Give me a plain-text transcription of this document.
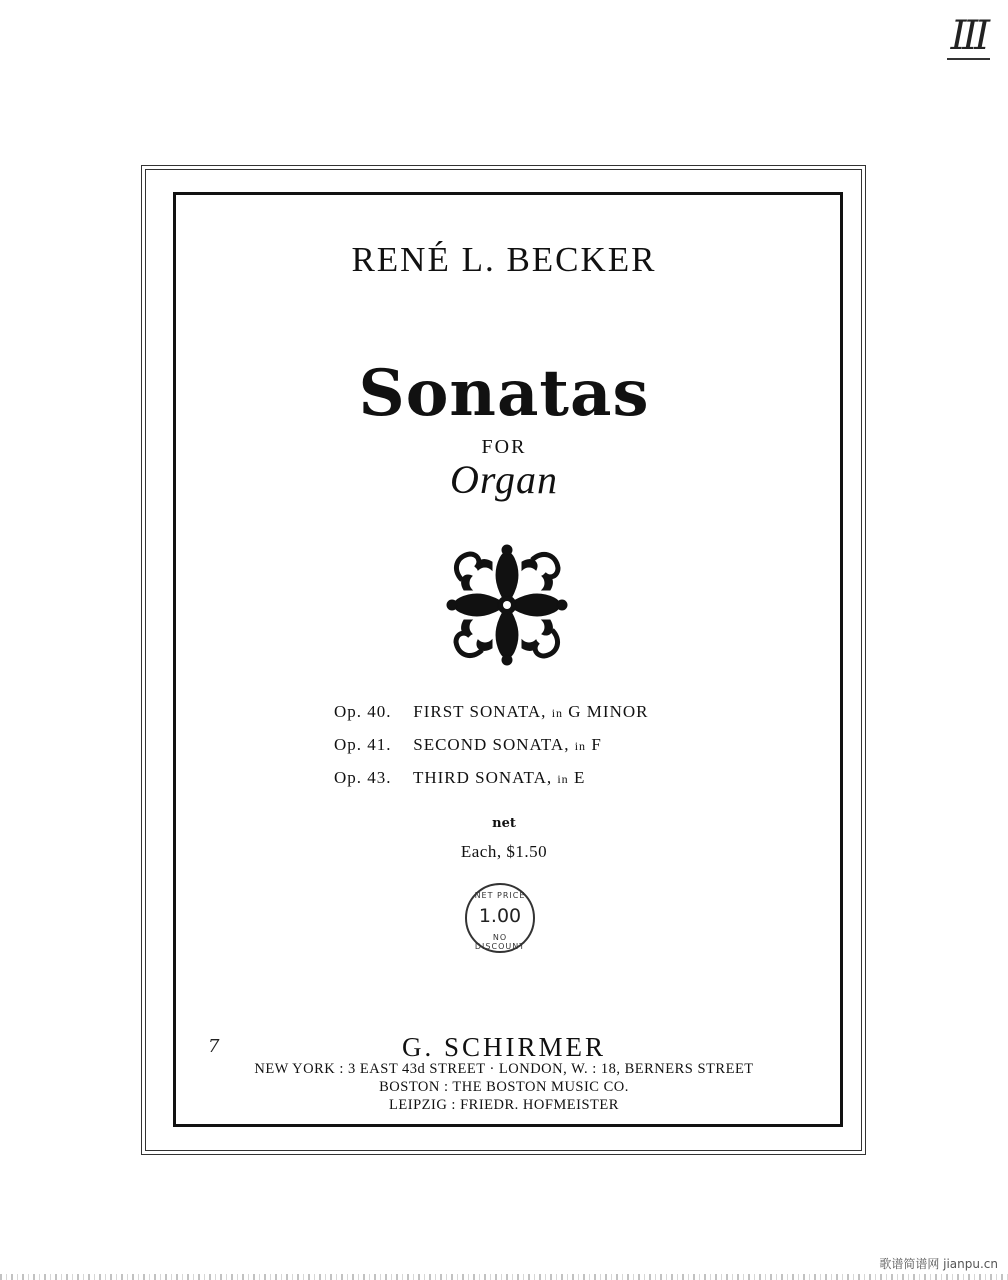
III
RENÉ L. BECKER
Sonatas
FOR
Organ
Op. 40. FIRST SONATA, in G MINOR
Op. 41. SECOND SONATA, in F
Op. 43. THIRD SONATA, in E
net
Each, $1.50
NET PRICE
1.00
NO DISCOUNT
7	G. SCHIRMER
NEW YORK : 3 EAST 43d STREET · LONDON, W. : 18, BERNERS STREET
BOSTON : THE BOSTON MUSIC CO.
LEIPZIG : FRIEDR. HOFMEISTER
歌谱简谱网 jianpu.cn
